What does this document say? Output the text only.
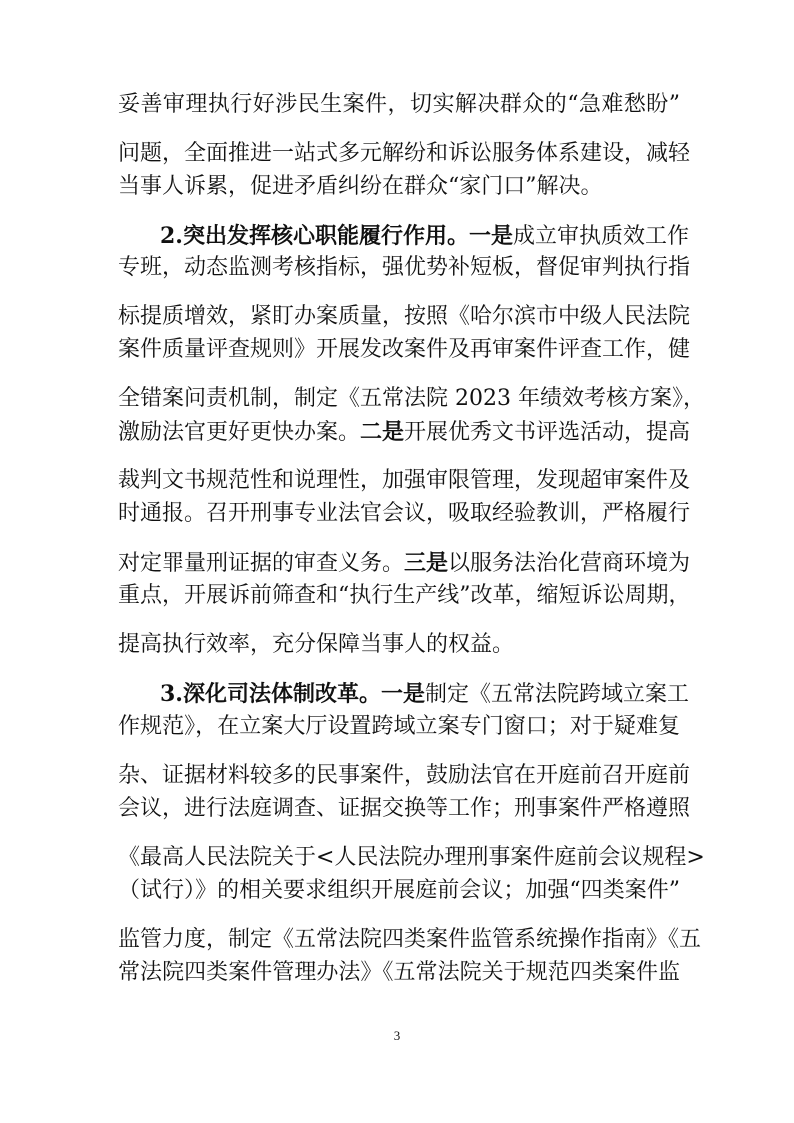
妥善审理执行好涉民生案件，切实解决群众的“急难愁盼”
问题，全面推进一站式多元解纷和诉讼服务体系建设，减轻
当事人诉累，促进矛盾纠纷在群众“家门口”解决。
2.突出发挥核心职能履行作用。一是成立审执质效工作
专班，动态监测考核指标，强优势补短板，督促审判执行指
标提质增效，紧盯办案质量，按照《哈尔滨市中级人民法院
案件质量评查规则》开展发改案件及再审案件评查工作，健
全错案问责机制，制定《五常法院 2023 年绩效考核方案》，
激励法官更好更快办案。二是开展优秀文书评选活动，提高
裁判文书规范性和说理性，加强审限管理，发现超审案件及
时通报。召开刑事专业法官会议，吸取经验教训，严格履行
对定罪量刑证据的审查义务。三是以服务法治化营商环境为
重点，开展诉前筛查和“执行生产线”改革，缩短诉讼周期，
提高执行效率，充分保障当事人的权益。
3.深化司法体制改革。一是制定《五常法院跨域立案工
作规范》，在立案大厅设置跨域立案专门窗口；对于疑难复
杂、证据材料较多的民事案件，鼓励法官在开庭前召开庭前
会议，进行法庭调查、证据交换等工作；刑事案件严格遵照
《最高人民法院关于<人民法院办理刑事案件庭前会议规程>
（试行）》的相关要求组织开展庭前会议；加强“四类案件”
监管力度，制定《五常法院四类案件监管系统操作指南》《五
常法院四类案件管理办法》《五常法院关于规范四类案件监
3
